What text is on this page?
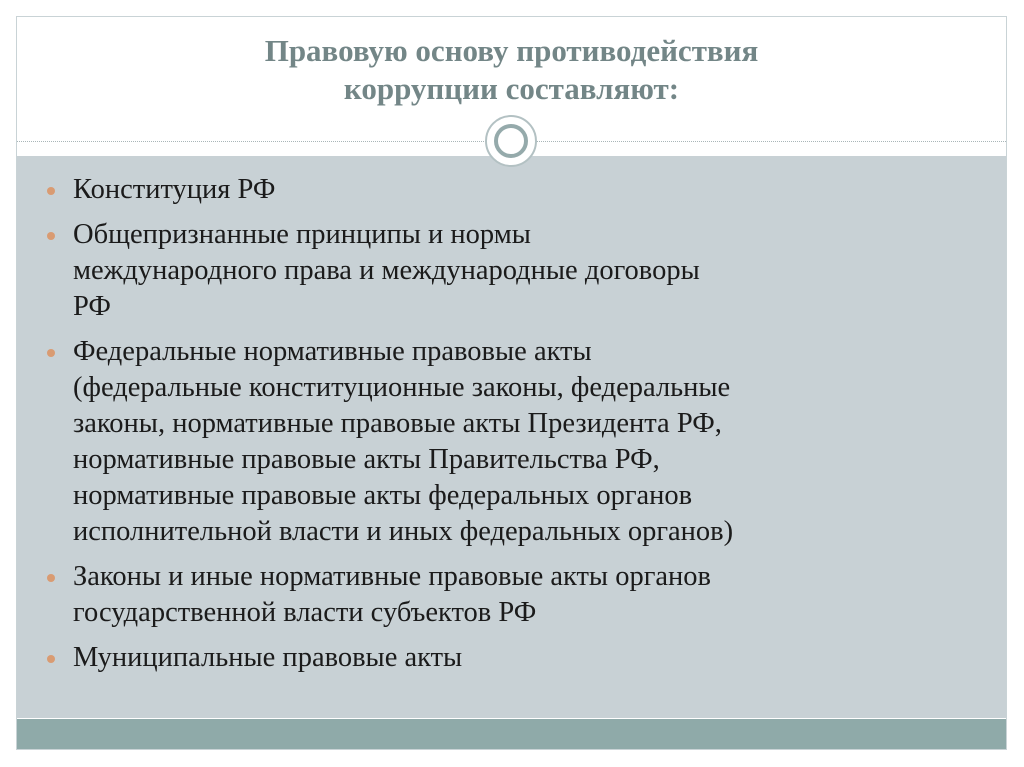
Правовую основу противодействия
коррупции составляют:
Конституция РФ
Общепризнанные принципы и нормы
международного права и международные договоры
РФ
Федеральные нормативные правовые акты
(федеральные конституционные законы, федеральные
законы, нормативные правовые акты Президента РФ,
нормативные правовые акты Правительства РФ,
нормативные правовые акты федеральных органов
исполнительной власти и иных федеральных органов)
Законы и иные нормативные правовые акты органов
государственной власти субъектов РФ
Муниципальные правовые акты
